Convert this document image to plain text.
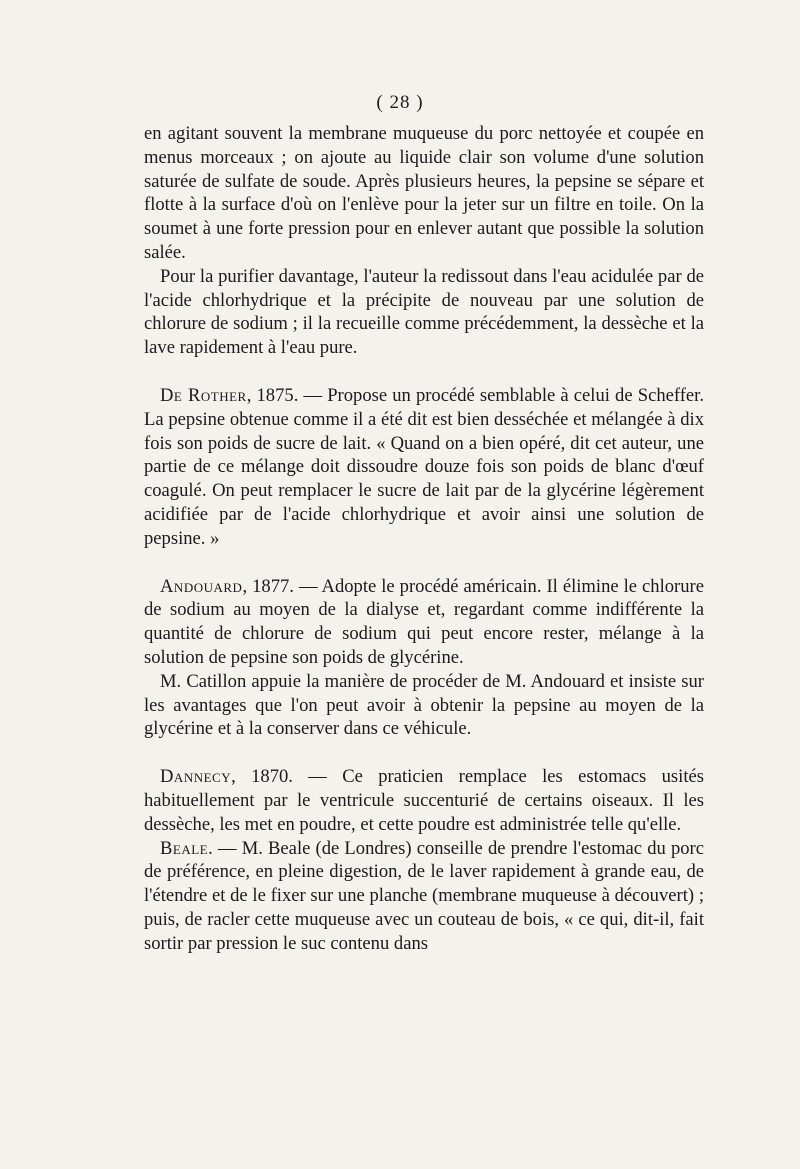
( 28 )

en agitant souvent la membrane muqueuse du porc nettoyée et coupée en menus morceaux ; on ajoute au liquide clair son volume d'une solution saturée de sulfate de soude. Après plusieurs heures, la pepsine se sépare et flotte à la surface d'où on l'enlève pour la jeter sur un filtre en toile. On la soumet à une forte pression pour en enlever autant que possible la solution salée.

Pour la purifier davantage, l'auteur la redissout dans l'eau acidulée par de l'acide chlorhydrique et la précipite de nouveau par une solution de chlorure de sodium ; il la recueille comme précédemment, la dessèche et la lave rapidement à l'eau pure.

De Rother, 1875. — Propose un procédé semblable à celui de Scheffer. La pepsine obtenue comme il a été dit est bien desséchée et mélangée à dix fois son poids de sucre de lait. « Quand on a bien opéré, dit cet auteur, une partie de ce mélange doit dissoudre douze fois son poids de blanc d'œuf coagulé. On peut remplacer le sucre de lait par de la glycérine légèrement acidifiée par de l'acide chlorhydrique et avoir ainsi une solution de pepsine. »

Andouard, 1877. — Adopte le procédé américain. Il élimine le chlorure de sodium au moyen de la dialyse et, regardant comme indifférente la quantité de chlorure de sodium qui peut encore rester, mélange à la solution de pepsine son poids de glycérine.

M. Catillon appuie la manière de procéder de M. Andouard et insiste sur les avantages que l'on peut avoir à obtenir la pepsine au moyen de la glycérine et à la conserver dans ce véhicule.

Dannecy, 1870. — Ce praticien remplace les estomacs usités habituellement par le ventricule succenturié de certains oiseaux. Il les dessèche, les met en poudre, et cette poudre est administrée telle qu'elle.

Beale. — M. Beale (de Londres) conseille de prendre l'estomac du porc de préférence, en pleine digestion, de le laver rapidement à grande eau, de l'étendre et de le fixer sur une planche (membrane muqueuse à découvert) ; puis, de racler cette muqueuse avec un couteau de bois, « ce qui, dit-il, fait sortir par pression le suc contenu dans
